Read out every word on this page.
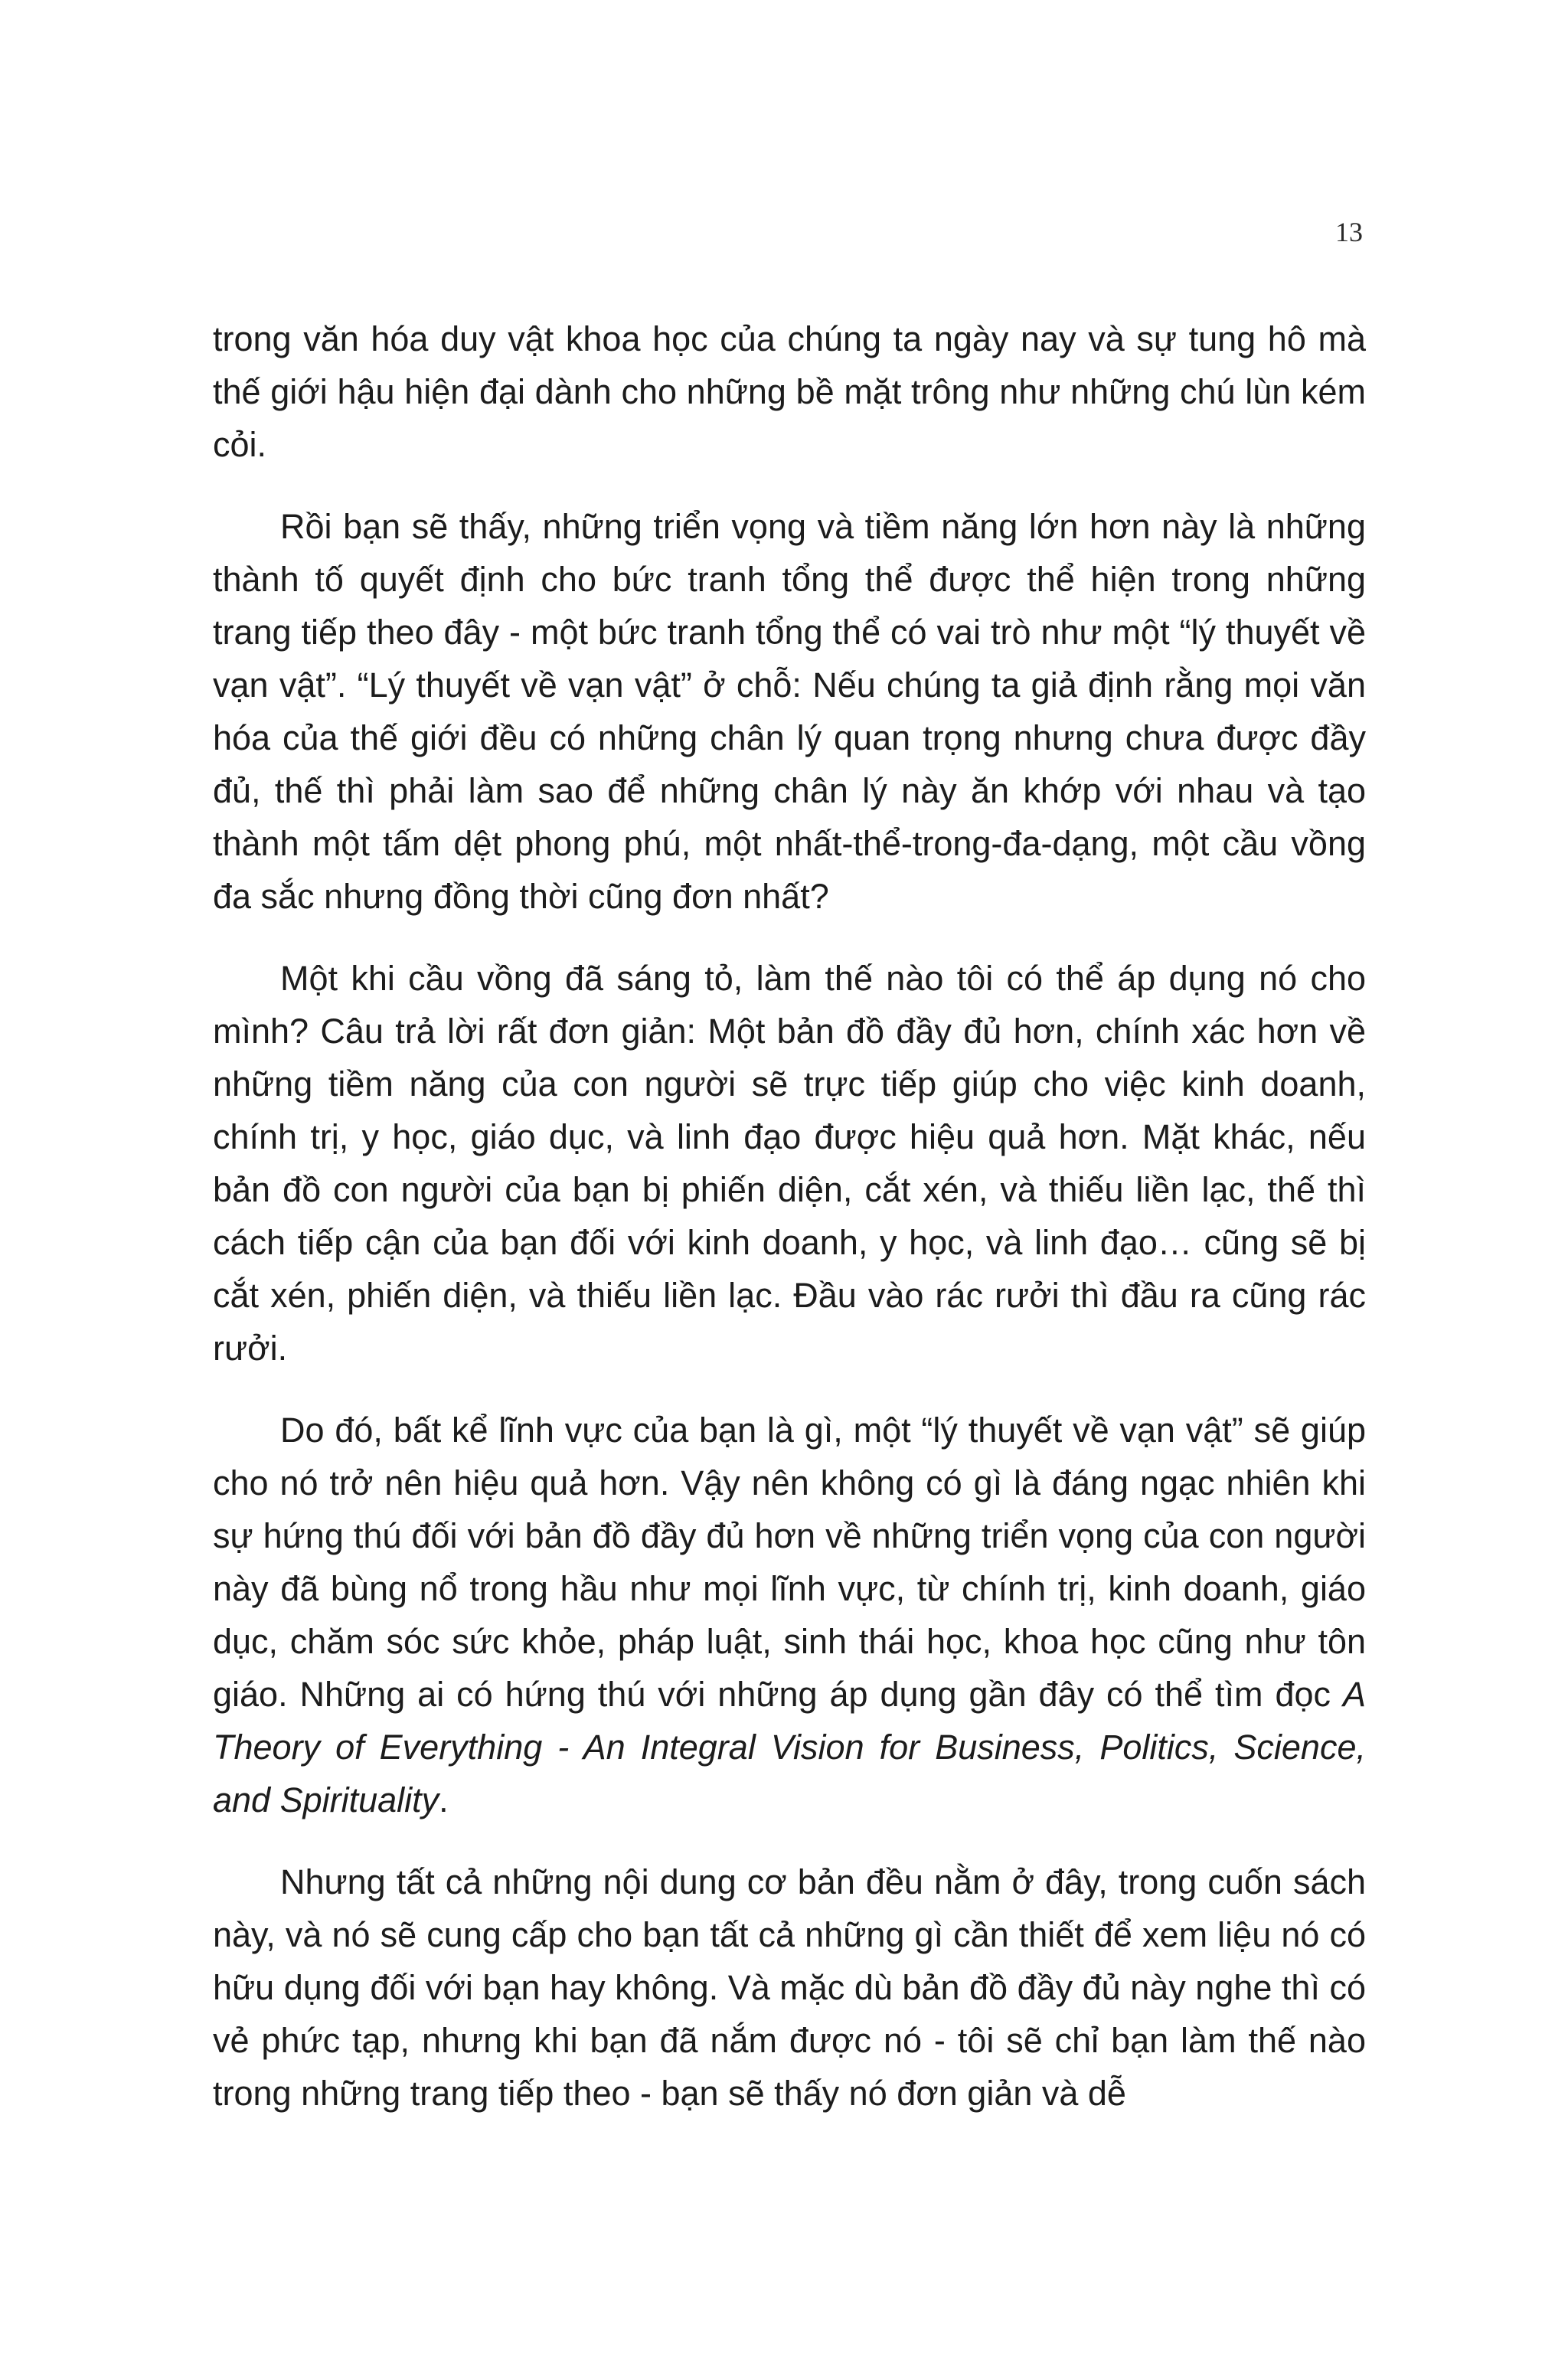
13

trong văn hóa duy vật khoa học của chúng ta ngày nay và sự tung hô mà thế giới hậu hiện đại dành cho những bề mặt trông như những chú lùn kém cỏi.

Rồi bạn sẽ thấy, những triển vọng và tiềm năng lớn hơn này là những thành tố quyết định cho bức tranh tổng thể được thể hiện trong những trang tiếp theo đây - một bức tranh tổng thể có vai trò như một “lý thuyết về vạn vật”. “Lý thuyết về vạn vật” ở chỗ: Nếu chúng ta giả định rằng mọi văn hóa của thế giới đều có những chân lý quan trọng nhưng chưa được đầy đủ, thế thì phải làm sao để những chân lý này ăn khớp với nhau và tạo thành một tấm dệt phong phú, một nhất-thể-trong-đa-dạng, một cầu vồng đa sắc nhưng đồng thời cũng đơn nhất?

Một khi cầu vồng đã sáng tỏ, làm thế nào tôi có thể áp dụng nó cho mình? Câu trả lời rất đơn giản: Một bản đồ đầy đủ hơn, chính xác hơn về những tiềm năng của con người sẽ trực tiếp giúp cho việc kinh doanh, chính trị, y học, giáo dục, và linh đạo được hiệu quả hơn. Mặt khác, nếu bản đồ con người của bạn bị phiến diện, cắt xén, và thiếu liền lạc, thế thì cách tiếp cận của bạn đối với kinh doanh, y học, và linh đạo… cũng sẽ bị cắt xén, phiến diện, và thiếu liền lạc. Đầu vào rác rưởi thì đầu ra cũng rác rưởi.

Do đó, bất kể lĩnh vực của bạn là gì, một “lý thuyết về vạn vật” sẽ giúp cho nó trở nên hiệu quả hơn. Vậy nên không có gì là đáng ngạc nhiên khi sự hứng thú đối với bản đồ đầy đủ hơn về những triển vọng của con người này đã bùng nổ trong hầu như mọi lĩnh vực, từ chính trị, kinh doanh, giáo dục, chăm sóc sức khỏe, pháp luật, sinh thái học, khoa học cũng như tôn giáo. Những ai có hứng thú với những áp dụng gần đây có thể tìm đọc A Theory of Everything - An Integral Vision for Business, Politics, Science, and Spirituality.

Nhưng tất cả những nội dung cơ bản đều nằm ở đây, trong cuốn sách này, và nó sẽ cung cấp cho bạn tất cả những gì cần thiết để xem liệu nó có hữu dụng đối với bạn hay không. Và mặc dù bản đồ đầy đủ này nghe thì có vẻ phức tạp, nhưng khi bạn đã nắm được nó - tôi sẽ chỉ bạn làm thế nào trong những trang tiếp theo - bạn sẽ thấy nó đơn giản và dễ
